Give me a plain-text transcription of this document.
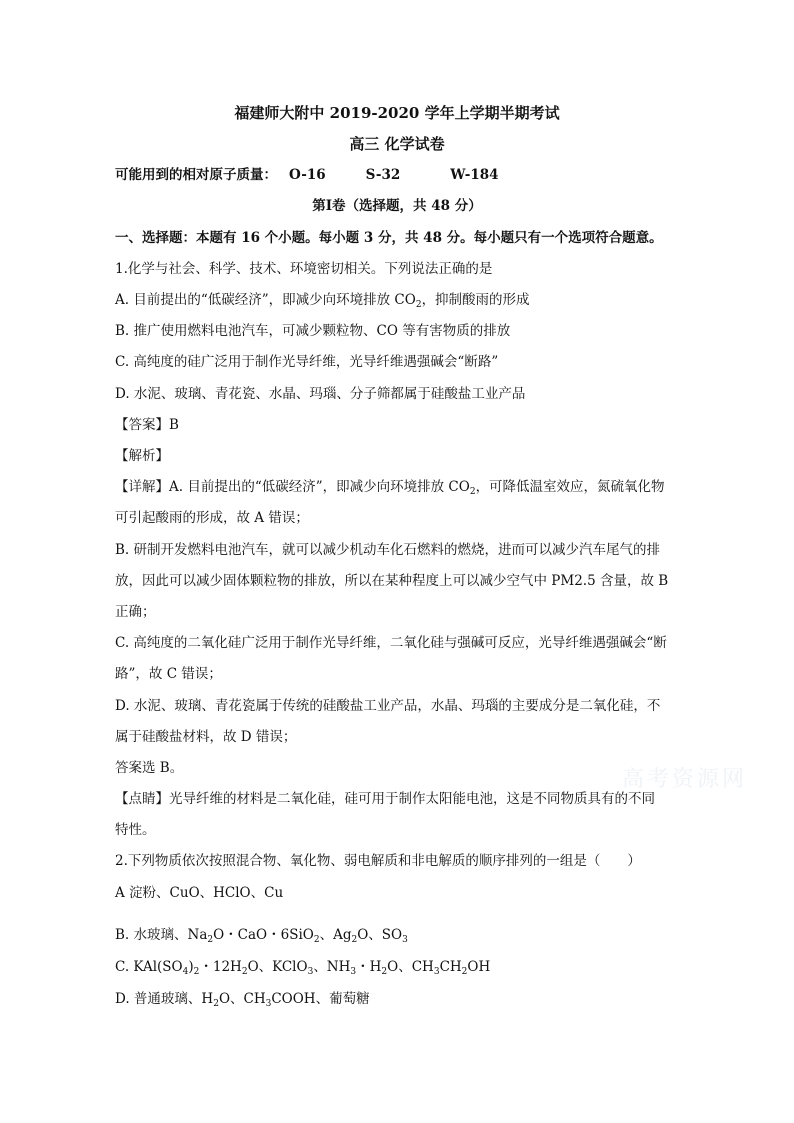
福建师大附中 2019-2020 学年上学期半期考试
高三 化学试卷
可能用到的相对原子质量： O-16	S-32	W-184
第Ⅰ卷（选择题，共 48 分）
一、选择题：本题有 16 个小题。每小题 3 分，共 48 分。每小题只有一个选项符合题意。
1.化学与社会、科学、技术、环境密切相关。下列说法正确的是
A. 目前提出的“低碳经济”，即减少向环境排放 $CO_2$，抑制酸雨的形成
B. 推广使用燃料电池汽车，可减少颗粒物、CO 等有害物质的排放
C. 高纯度的硅广泛用于制作光导纤维，光导纤维遇强碱会“断路”
D. 水泥、玻璃、青花瓷、水晶、玛瑙、分子筛都属于硅酸盐工业产品
【答案】B
【解析】
【详解】A. 目前提出的“低碳经济”，即减少向环境排放 $CO_2$，可降低温室效应，氮硫氧化物
可引起酸雨的形成，故 A 错误；
B. 研制开发燃料电池汽车，就可以减少机动车化石燃料的燃烧，进而可以减少汽车尾气的排
放，因此可以减少固体颗粒物的排放，所以在某种程度上可以减少空气中 PM2.5 含量，故 B
正确；
C. 高纯度的二氧化硅广泛用于制作光导纤维，二氧化硅与强碱可反应，光导纤维遇强碱会“断
路”，故 C 错误；
D. 水泥、玻璃、青花瓷属于传统的硅酸盐工业产品，水晶、玛瑙的主要成分是二氧化硅，不
属于硅酸盐材料，故 D 错误；
答案选 B。
【点睛】光导纤维的材料是二氧化硅，硅可用于制作太阳能电池，这是不同物质具有的不同
特性。
2.下列物质依次按照混合物、氧化物、弱电解质和非电解质的顺序排列的一组是（　　）
A 淀粉、CuO、HClO、Cu
B. 水玻璃、$Na_2O$・CaO・6SiO$_2$、$Ag_2O$、$SO_3$
C. $KAl(SO_4)_2$・$12H_2O$、KClO$_3$、$NH_3$・$H_2O$、$CH_3CH_2OH$
D. 普通玻璃、$H_2O$、$CH_3COOH$、葡萄糖
高考资源网
